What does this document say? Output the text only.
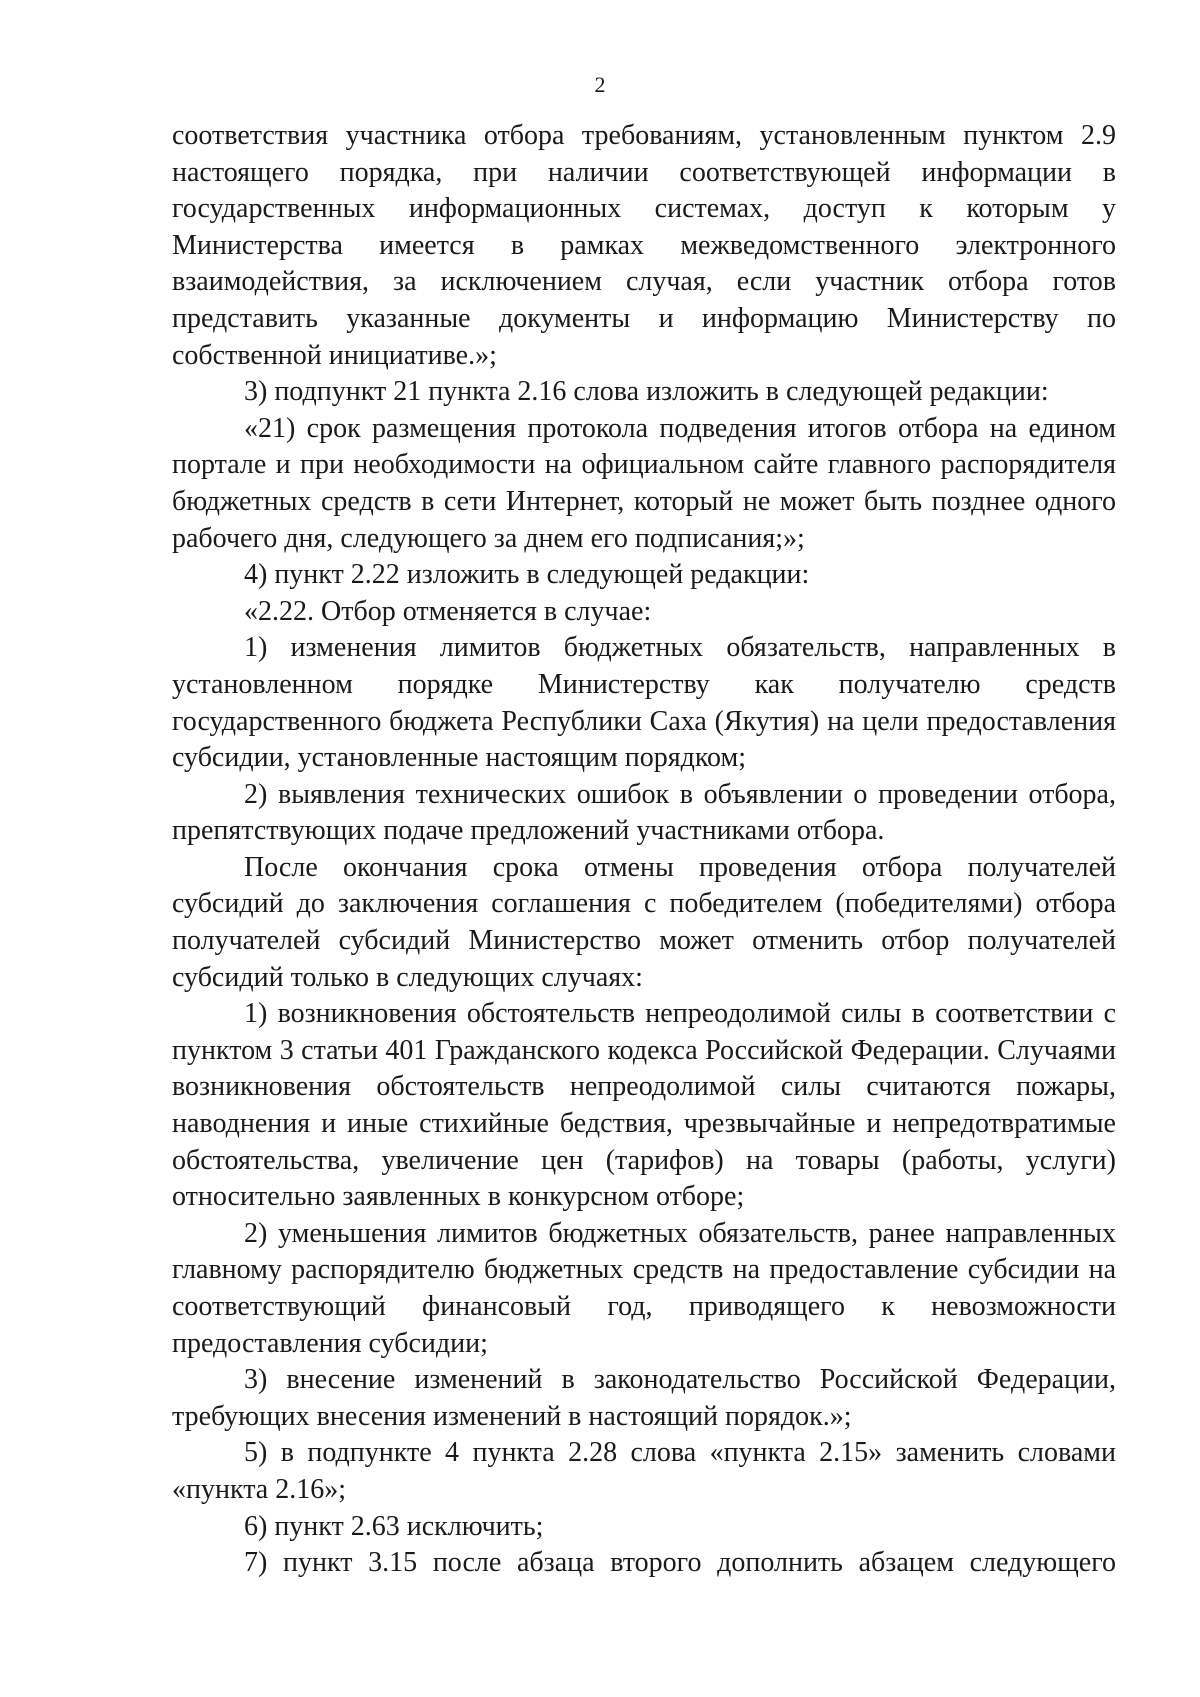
2

соответствия участника отбора требованиям, установленным пунктом 2.9 настоящего порядка, при наличии соответствующей информации в государственных информационных системах, доступ к которым у Министерства имеется в рамках межведомственного электронного взаимодействия, за исключением случая, если участник отбора готов представить указанные документы и информацию Министерству по собственной инициативе.»;

3) подпункт 21 пункта 2.16 слова изложить в следующей редакции:

«21) срок размещения протокола подведения итогов отбора на едином портале и при необходимости на официальном сайте главного распорядителя бюджетных средств в сети Интернет, который не может быть позднее одного рабочего дня, следующего за днем его подписания;»;

4) пункт 2.22 изложить в следующей редакции:

«2.22. Отбор отменяется в случае:

1) изменения лимитов бюджетных обязательств, направленных в установленном порядке Министерству как получателю средств государственного бюджета Республики Саха (Якутия) на цели предоставления субсидии, установленные настоящим порядком;

2) выявления технических ошибок в объявлении о проведении отбора, препятствующих подаче предложений участниками отбора.

После окончания срока отмены проведения отбора получателей субсидий до заключения соглашения с победителем (победителями) отбора получателей субсидий Министерство может отменить отбор получателей субсидий только в следующих случаях:

1) возникновения обстоятельств непреодолимой силы в соответствии с пунктом 3 статьи 401 Гражданского кодекса Российской Федерации. Случаями возникновения обстоятельств непреодолимой силы считаются пожары, наводнения и иные стихийные бедствия, чрезвычайные и непредотвратимые обстоятельства, увеличение цен (тарифов) на товары (работы, услуги) относительно заявленных в конкурсном отборе;

2) уменьшения лимитов бюджетных обязательств, ранее направленных главному распорядителю бюджетных средств на предоставление субсидии на соответствующий финансовый год, приводящего к невозможности предоставления субсидии;

3) внесение изменений в законодательство Российской Федерации, требующих внесения изменений в настоящий порядок.»;

5) в подпункте 4 пункта 2.28 слова «пункта 2.15» заменить словами «пункта 2.16»;

6) пункт 2.63 исключить;

7) пункт 3.15 после абзаца второго дополнить абзацем следующего
